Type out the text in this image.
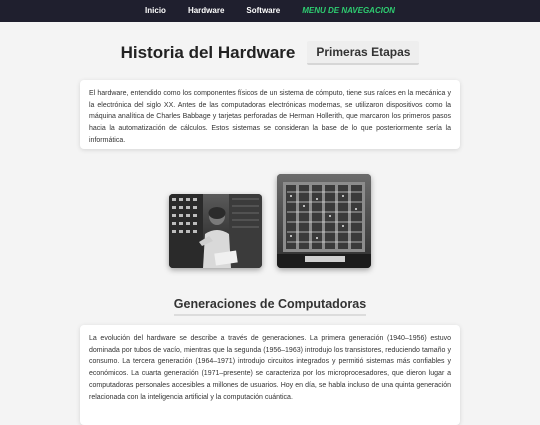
Inicio	Hardware	Software	MENU DE NAVEGACION
Historia del Hardware	Primeras Etapas

El hardware, entendido como los componentes físicos de un sistema de cómputo, tiene sus raíces en la mecánica y la electrónica del siglo XX. Antes de las computadoras electrónicas modernas, se utilizaron dispositivos como la máquina analítica de Charles Babbage y tarjetas perforadas de Herman Hollerith, que marcaron los primeros pasos hacia la automatización de cálculos. Estos sistemas se consideran la base de lo que posteriormente sería la informática.

Generaciones de Computadoras

La evolución del hardware se describe a través de generaciones. La primera generación (1940–1956) estuvo dominada por tubos de vacío, mientras que la segunda (1956–1963) introdujo los transistores, reduciendo tamaño y consumo. La tercera generación (1964–1971) introdujo circuitos integrados y permitió sistemas más confiables y económicos. La cuarta generación (1971–presente) se caracteriza por los microprocesadores, que dieron lugar a computadoras personales accesibles a millones de usuarios. Hoy en día, se habla incluso de una quinta generación relacionada con la inteligencia artificial y la computación cuántica.
